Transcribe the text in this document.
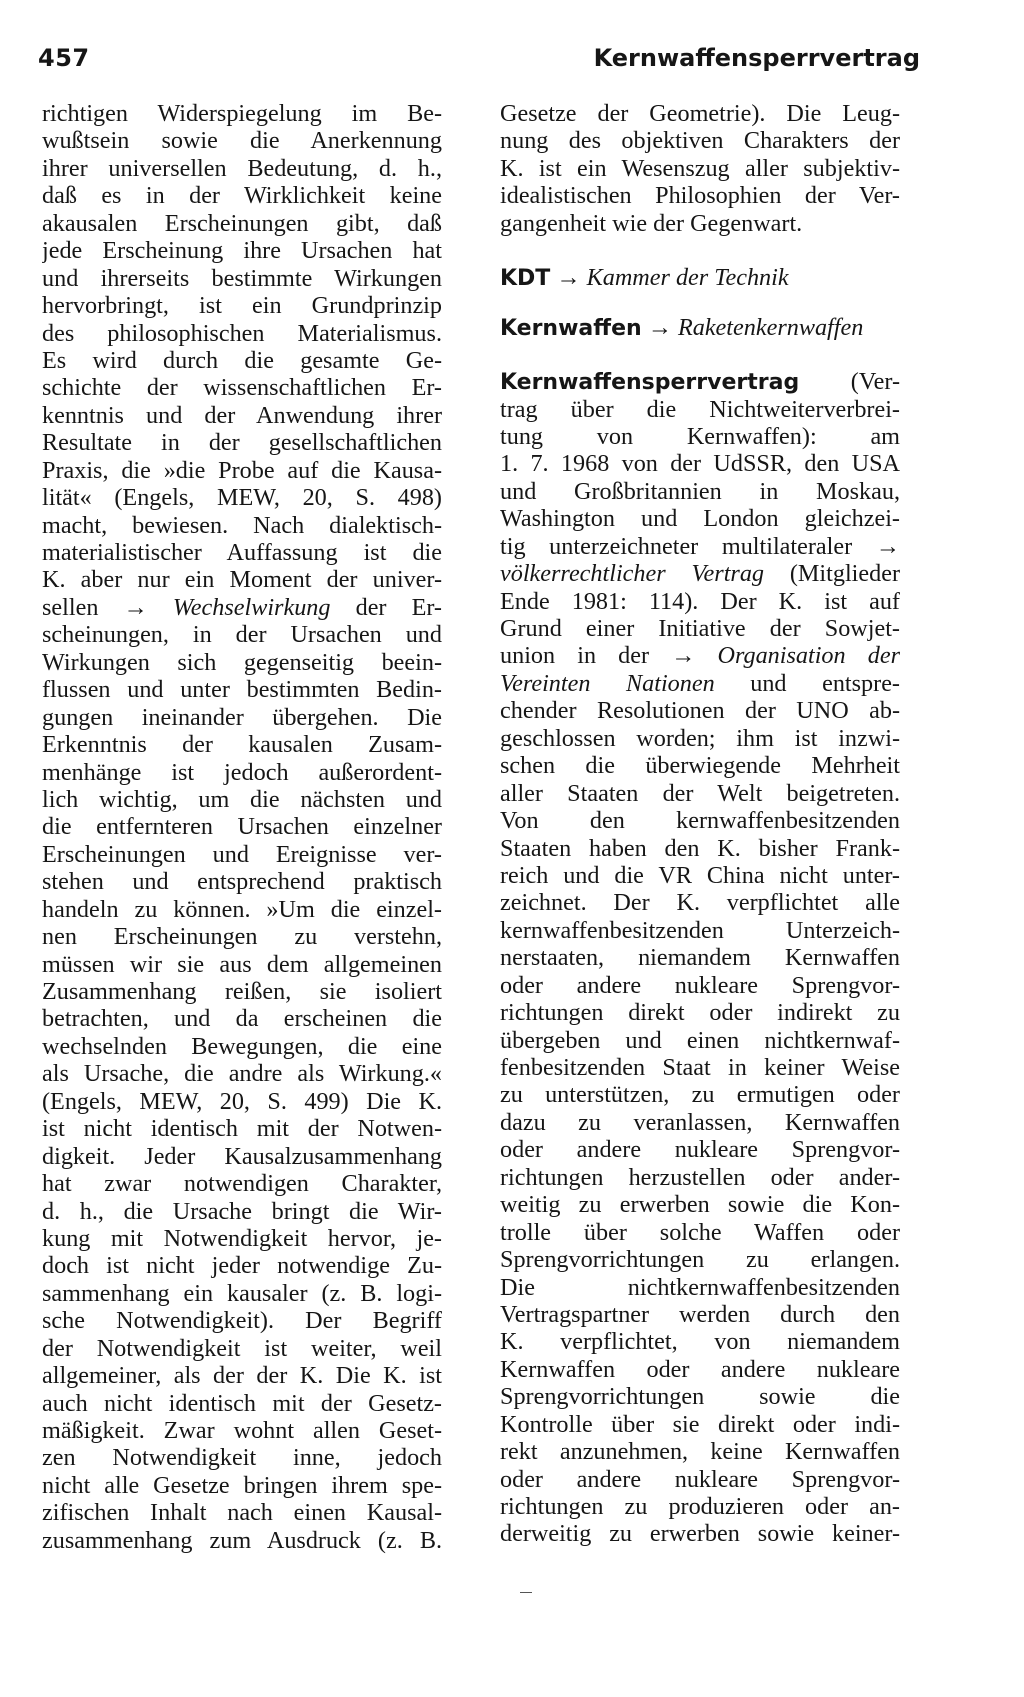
457	Kernwaffensperrvertrag
richtigen Widerspiegelung im Be-
wußtsein sowie die Anerkennung
ihrer universellen Bedeutung, d. h.,
daß es in der Wirklichkeit keine
akausalen Erscheinungen gibt, daß
jede Erscheinung ihre Ursachen hat
und ihrerseits bestimmte Wirkungen
hervorbringt, ist ein Grundprinzip
des philosophischen Materialismus.
Es wird durch die gesamte Ge-
schichte der wissenschaftlichen Er-
kenntnis und der Anwendung ihrer
Resultate in der gesellschaftlichen
Praxis, die »die Probe auf die Kausa-
lität« (Engels, MEW, 20, S. 498)
macht, bewiesen. Nach dialektisch-
materialistischer Auffassung ist die
K. aber nur ein Moment der univer-
sellen → Wechselwirkung der Er-
scheinungen, in der Ursachen und
Wirkungen sich gegenseitig beein-
flussen und unter bestimmten Bedin-
gungen ineinander übergehen. Die
Erkenntnis der kausalen Zusam-
menhänge ist jedoch außerordent-
lich wichtig, um die nächsten und
die entfernteren Ursachen einzelner
Erscheinungen und Ereignisse ver-
stehen und entsprechend praktisch
handeln zu können. »Um die einzel-
nen Erscheinungen zu verstehn,
müssen wir sie aus dem allgemeinen
Zusammenhang reißen, sie isoliert
betrachten, und da erscheinen die
wechselnden Bewegungen, die eine
als Ursache, die andre als Wirkung.«
(Engels, MEW, 20, S. 499) Die K.
ist nicht identisch mit der Notwen-
digkeit. Jeder Kausalzusammenhang
hat zwar notwendigen Charakter,
d. h., die Ursache bringt die Wir-
kung mit Notwendigkeit hervor, je-
doch ist nicht jeder notwendige Zu-
sammenhang ein kausaler (z. B. logi-
sche Notwendigkeit). Der Begriff
der Notwendigkeit ist weiter, weil
allgemeiner, als der der K. Die K. ist
auch nicht identisch mit der Gesetz-
mäßigkeit. Zwar wohnt allen Geset-
zen Notwendigkeit inne, jedoch
nicht alle Gesetze bringen ihrem spe-
zifischen Inhalt nach einen Kausal-
zusammenhang zum Ausdruck (z. B.
Gesetze der Geometrie). Die Leug-
nung des objektiven Charakters der
K. ist ein Wesenszug aller subjektiv-
idealistischen Philosophien der Ver-
gangenheit wie der Gegenwart.
KDT → Kammer der Technik
Kernwaffen → Raketenkernwaffen
Kernwaffensperrvertrag (Ver-
trag über die Nichtweiterverbrei-
tung von Kernwaffen): am
1. 7. 1968 von der UdSSR, den USA
und Großbritannien in Moskau,
Washington und London gleichzei-
tig unterzeichneter multilateraler →
völkerrechtlicher Vertrag (Mitglieder
Ende 1981: 114). Der K. ist auf
Grund einer Initiative der Sowjet-
union in der → Organisation der
Vereinten Nationen und entspre-
chender Resolutionen der UNO ab-
geschlossen worden; ihm ist inzwi-
schen die überwiegende Mehrheit
aller Staaten der Welt beigetreten.
Von den kernwaffenbesitzenden
Staaten haben den K. bisher Frank-
reich und die VR China nicht unter-
zeichnet. Der K. verpflichtet alle
kernwaffenbesitzenden Unterzeich-
nerstaaten, niemandem Kernwaffen
oder andere nukleare Sprengvor-
richtungen direkt oder indirekt zu
übergeben und einen nichtkernwaf-
fenbesitzenden Staat in keiner Weise
zu unterstützen, zu ermutigen oder
dazu zu veranlassen, Kernwaffen
oder andere nukleare Sprengvor-
richtungen herzustellen oder ander-
weitig zu erwerben sowie die Kon-
trolle über solche Waffen oder
Sprengvorrichtungen zu erlangen.
Die nichtkernwaffenbesitzenden
Vertragspartner werden durch den
K. verpflichtet, von niemandem
Kernwaffen oder andere nukleare
Sprengvorrichtungen sowie die
Kontrolle über sie direkt oder indi-
rekt anzunehmen, keine Kernwaffen
oder andere nukleare Sprengvor-
richtungen zu produzieren oder an-
derweitig zu erwerben sowie keiner-
